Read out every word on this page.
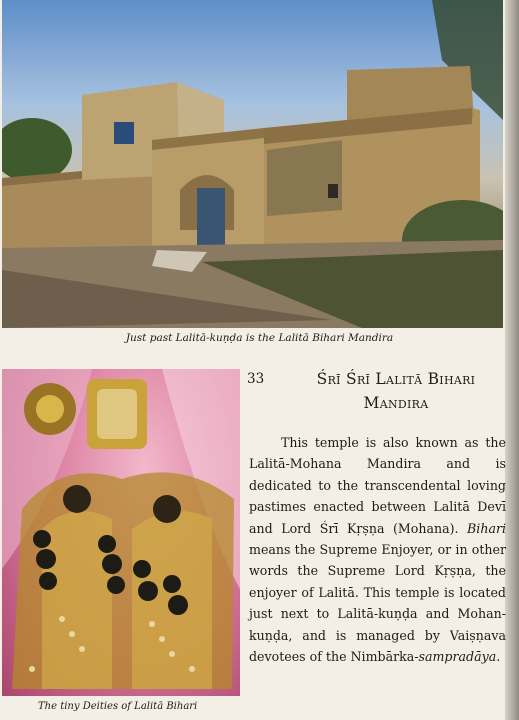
Just past Lalitā-kuṇḍa is the Lalitā Bihari Mandira
The tiny Deities of Lalitā Bihari
33	Śrī Śrī Lalitā Bihari
Mandira

This temple is also known as the Lalitā-Mohana Mandira and is dedicated to the transcendental loving pastimes enacted between Lalitā Devī and Lord Śrī Kṛṣṇa (Mohana). Bihari means the Supreme Enjoyer, or in other words the Supreme Lord Kṛṣṇa, the enjoyer of Lalitā. This temple is located just next to Lalitā-kuṇḍa and Mohan-kuṇḍa, and is managed by Vaiṣṇava devotees of the Nimbārka-sampradāya.
